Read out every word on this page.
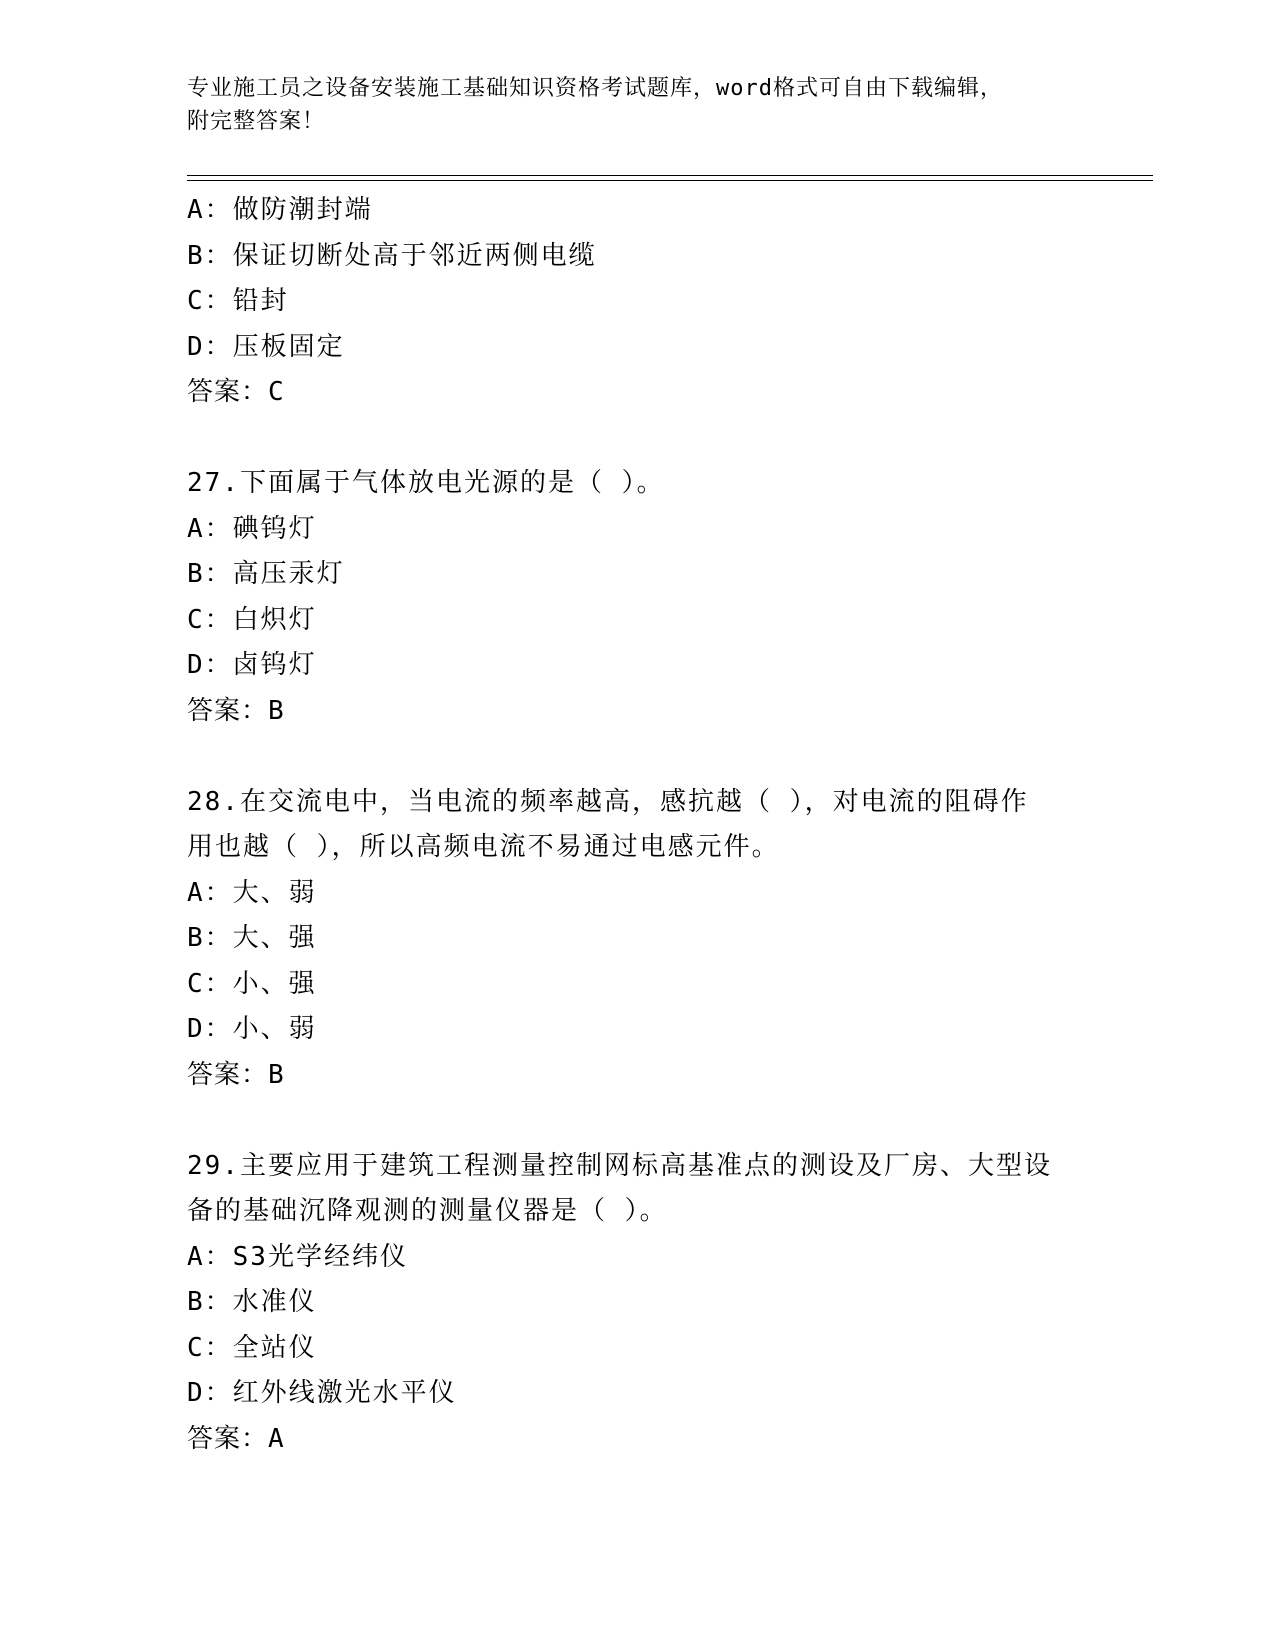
专业施工员之设备安装施工基础知识资格考试题库，word格式可自由下载编辑，
附完整答案！
A：做防潮封端
B：保证切断处高于邻近两侧电缆
C：铅封
D：压板固定
答案：C
27.下面属于气体放电光源的是（ ）。
A：碘钨灯
B：高压汞灯
C：白炽灯
D：卤钨灯
答案：B
28.在交流电中，当电流的频率越高，感抗越（ ），对电流的阻碍作
用也越（ ），所以高频电流不易通过电感元件。
A：大、弱
B：大、强
C：小、强
D：小、弱
答案：B
29.主要应用于建筑工程测量控制网标高基准点的测设及厂房、大型设
备的基础沉降观测的测量仪器是（ ）。
A：S3光学经纬仪
B：水准仪
C：全站仪
D：红外线激光水平仪
答案：A
